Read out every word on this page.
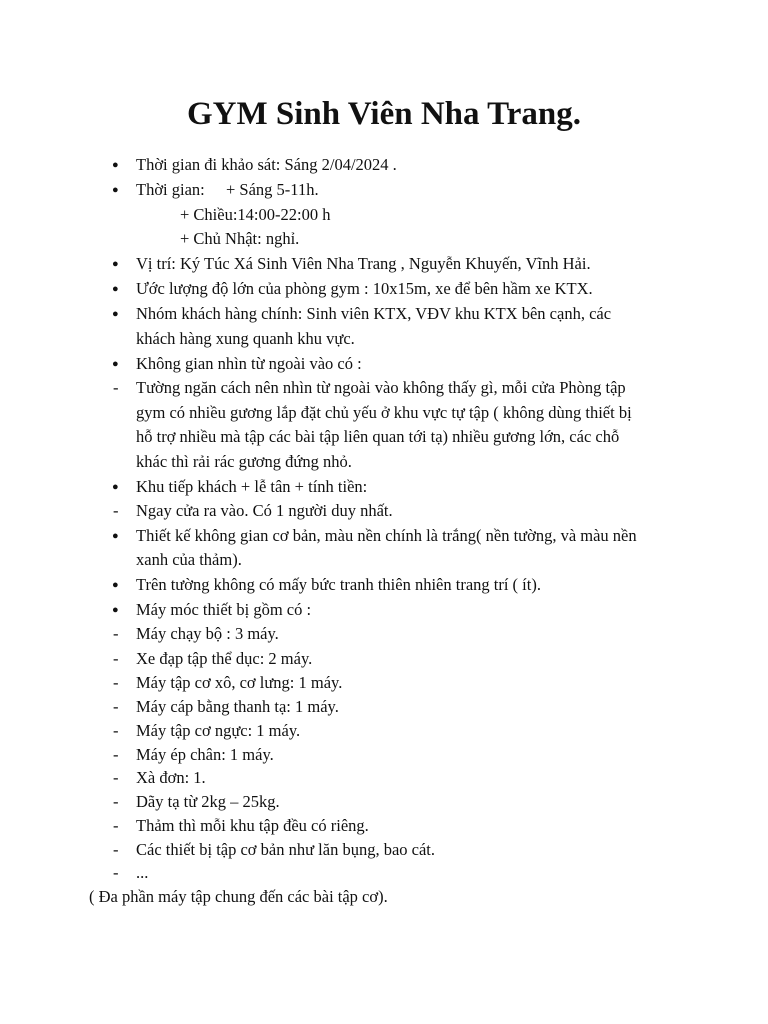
GYM Sinh Viên Nha Trang.
●	Thời gian đi khảo sát: Sáng 2/04/2024 .
●	Thời gian: + Sáng 5-11h.
+ Chiều:14:00-22:00 h
+ Chủ Nhật: nghỉ.
●	Vị trí: Ký Túc Xá Sinh Viên Nha Trang , Nguyễn Khuyến, Vĩnh Hải.
●	Ước lượng độ lớn của phòng gym : 10x15m, xe để bên hầm xe KTX.
●	Nhóm khách hàng chính: Sinh viên KTX, VĐV khu KTX bên cạnh, các
khách hàng xung quanh khu vực.
●	Không gian nhìn từ ngoài vào có :
-	Tường ngăn cách nên nhìn từ ngoài vào không thấy gì, mỗi cửa Phòng tập
gym có nhiều gương lắp đặt chủ yếu ở khu vực tự tập ( không dùng thiết bị
hỗ trợ nhiều mà tập các bài tập liên quan tới tạ) nhiều gương lớn, các chỗ
khác thì rải rác gương đứng nhỏ.
●	Khu tiếp khách + lễ tân + tính tiền:
-	Ngay cửa ra vào. Có 1 người duy nhất.
●	Thiết kế không gian cơ bản, màu nền chính là trắng( nền tường, và màu nền
xanh của thảm).
●	Trên tường không có mấy bức tranh thiên nhiên trang trí ( ít).
●	Máy móc thiết bị gồm có :
-	Máy chạy bộ : 3 máy.
-	Xe đạp tập thể dục: 2 máy.
-	Máy tập cơ xô, cơ lưng: 1 máy.
-	Máy cáp bằng thanh tạ: 1 máy.
-	Máy tập cơ ngực: 1 máy.
-	Máy ép chân: 1 máy.
-	Xà đơn: 1.
-	Dãy tạ từ 2kg – 25kg.
-	Thảm thì mỗi khu tập đều có riêng.
-	Các thiết bị tập cơ bản như lăn bụng, bao cát.
-	...
( Đa phần máy tập chung đến các bài tập cơ).
